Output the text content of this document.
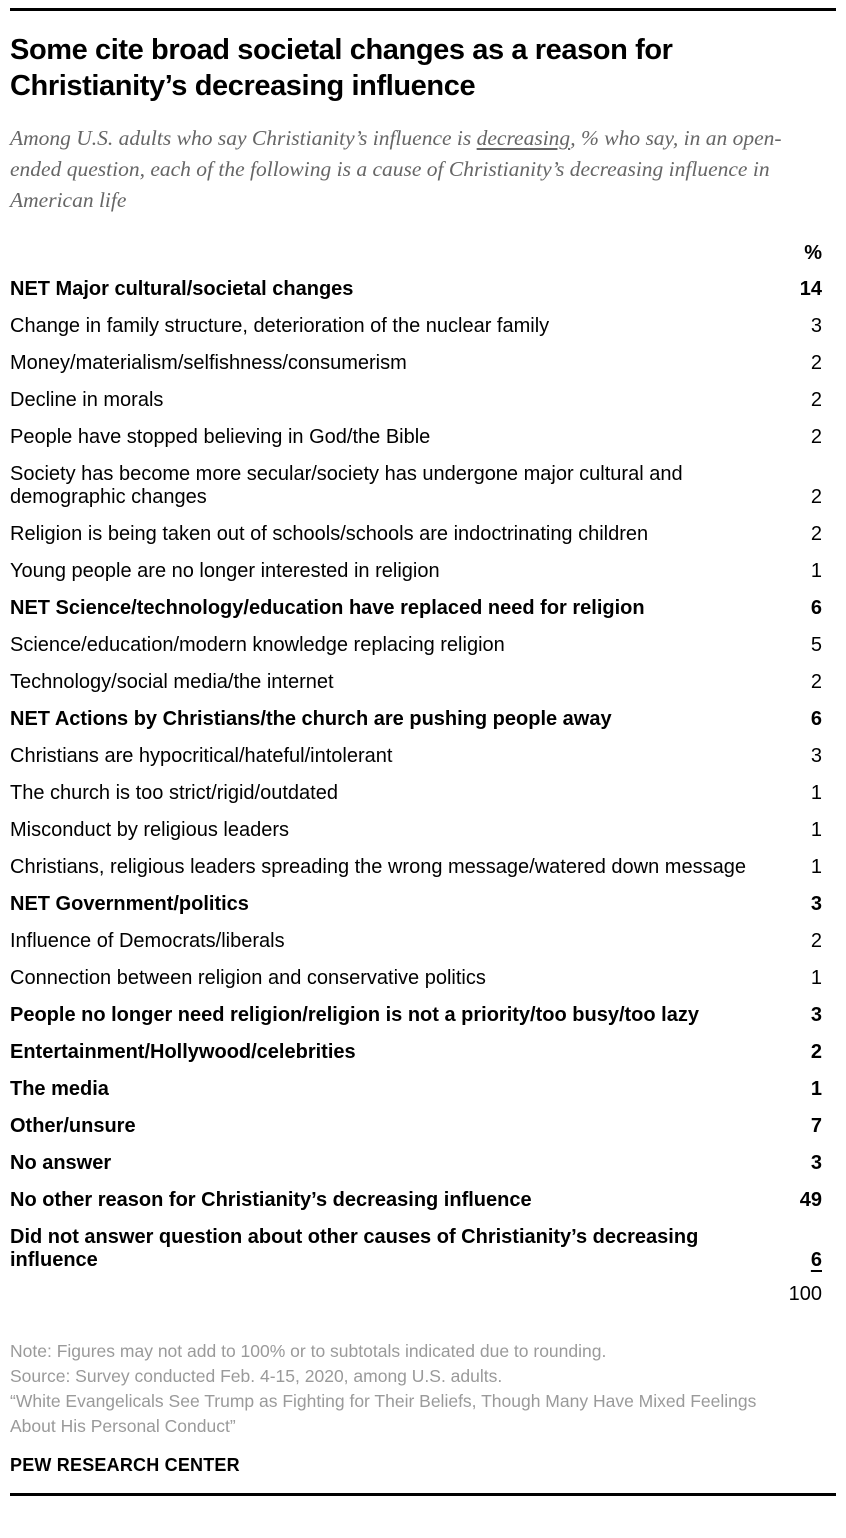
Some cite broad societal changes as a reason for Christianity’s decreasing influence

Among U.S. adults who say Christianity’s influence is decreasing, % who say, in an open-ended question, each of the following is a cause of Christianity’s decreasing influence in American life

%
NET Major cultural/societal changes	14
Change in family structure, deterioration of the nuclear family	3
Money/materialism/selfishness/consumerism	2
Decline in morals	2
People have stopped believing in God/the Bible	2
Society has become more secular/society has undergone major cultural and demographic changes	2
Religion is being taken out of schools/schools are indoctrinating children	2
Young people are no longer interested in religion	1
NET Science/technology/education have replaced need for religion	6
Science/education/modern knowledge replacing religion	5
Technology/social media/the internet	2
NET Actions by Christians/the church are pushing people away	6
Christians are hypocritical/hateful/intolerant	3
The church is too strict/rigid/outdated	1
Misconduct by religious leaders	1
Christians, religious leaders spreading the wrong message/watered down message	1
NET Government/politics	3
Influence of Democrats/liberals	2
Connection between religion and conservative politics	1
People no longer need religion/religion is not a priority/too busy/too lazy	3
Entertainment/Hollywood/celebrities	2
The media	1
Other/unsure	7
No answer	3
No other reason for Christianity’s decreasing influence	49
Did not answer question about other causes of Christianity’s decreasing influence	6
100

Note: Figures may not add to 100% or to subtotals indicated due to rounding.

Source: Survey conducted Feb. 4-15, 2020, among U.S. adults.

“White Evangelicals See Trump as Fighting for Their Beliefs, Though Many Have Mixed Feelings About His Personal Conduct”

PEW RESEARCH CENTER
